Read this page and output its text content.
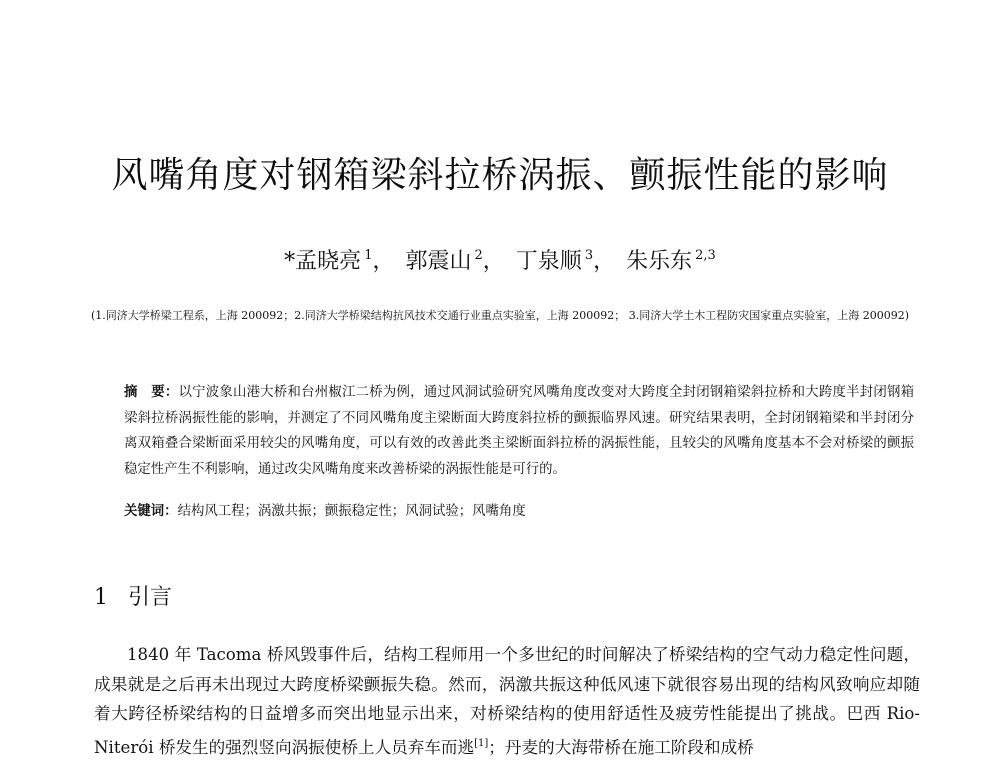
风嘴角度对钢箱梁斜拉桥涡振、颤振性能的影响
*孟晓亮 $^1$， 郭震山 $^2$， 丁泉顺 $^3$， 朱乐东 $^{2,3}$
(1.同济大学桥梁工程系，上海 200092；2.同济大学桥梁结构抗风技术交通行业重点实验室，上海 200092； 3.同济大学土木工程防灾国家重点实验室，上海 200092)
摘　要：以宁波象山港大桥和台州椒江二桥为例，通过风洞试验研究风嘴角度改变对大跨度全封闭钢箱梁斜拉桥和大跨度半封闭钢箱梁斜拉桥涡振性能的影响，并测定了不同风嘴角度主梁断面大跨度斜拉桥的颤振临界风速。研究结果表明，全封闭钢箱梁和半封闭分离双箱叠合梁断面采用较尖的风嘴角度，可以有效的改善此类主梁断面斜拉桥的涡振性能，且较尖的风嘴角度基本不会对桥梁的颤振稳定性产生不利影响，通过改尖风嘴角度来改善桥梁的涡振性能是可行的。
关键词：结构风工程；涡激共振；颤振稳定性；风洞试验；风嘴角度
1 引言
1840 年 Tacoma 桥风毁事件后，结构工程师用一个多世纪的时间解决了桥梁结构的空气动力稳定性问题，成果就是之后再未出现过大跨度桥梁颤振失稳。然而，涡激共振这种低风速下就很容易出现的结构风致响应却随着大跨径桥梁结构的日益增多而突出地显示出来，对桥梁结构的使用舒适性及疲劳性能提出了挑战。巴西 Rio-Niterói 桥发生的强烈竖向涡振使桥上人员弃车而逃[1]；丹麦的大海带桥在施工阶段和成桥
